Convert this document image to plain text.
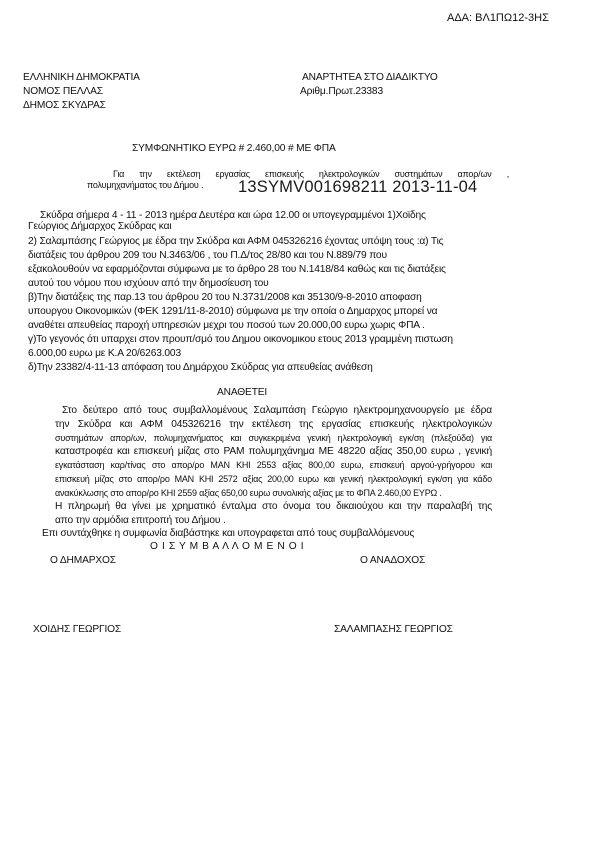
ΑΔΑ: ΒΛ1ΠΩ12-3ΗΣ
ΕΛΛΗΝΙΚΗ ΔΗΜΟΚΡΑΤΙΑ
ΝΟΜΟΣ ΠΕΛΛΑΣ
ΔΗΜΟΣ ΣΚΥΔΡΑΣ
ΑΝΑΡΤΗΤΕΑ ΣΤΟ ΔΙΑΔΙΚΤΥΟ
Αριθμ.Πρωτ.23383
ΣΥΜΦΩΝΗΤΙΚΟ ΕΥΡΩ # 2.460,00 # ΜΕ ΦΠΑ
Για την εκτέλεση εργασίας επισκευής ηλεκτρολογικών συστημάτων απορ/ων ,
πολυμηχανήματος του Δήμου . 13SYMV001698211 2013-11-04
Σκύδρα σήμερα 4 - 11 - 2013 ημέρα Δευτέρα και ώρα 12.00 οι υπογεγραμμένοι 1)Χοϊδης
Γεώργιος Δήμαρχος Σκύδρας και
2) Σαλαμπάσης Γεώργιος με έδρα την Σκύδρα και ΑΦΜ 045326216 έχοντας υπόψη τους :α) Τις
διατάξεις του άρθρου 209 του Ν.3463/06 , του Π.Δ/τος 28/80 και του Ν.889/79 που
εξακολουθούν να εφαρμόζονται σύμφωνα με το άρθρο 28 του Ν.1418/84 καθώς και τις διατάξεις
αυτού του νόμου που ισχύουν από την δημοσίευση του
β)Την διατάξεις της παρ.13 του άρθρου 20 του Ν.3731/2008 και 35130/9-8-2010 αποφαση
υπουργου Οικονομικών (ΦΕΚ 1291/11-8-2010) σύμφωνα με την οποία ο Δημαρχος μπορεί να
αναθέτει απευθείας παροχή υπηρεσιών μεχρι του ποσού των 20.000,00 ευρω χωρις ΦΠΑ .
γ)Το γεγονός ότι υπαρχει στον προυπ/σμό του Δημου οικονομικου ετους 2013 γραμμένη πιστωση
6.000,00 ευρω με Κ.Α 20/6263.003
δ)Την 23382/4-11-13 απόφαση του Δημάρχου Σκύδρας για απευθείας ανάθεση
ΑΝΑΘΕΤΕΙ
Στο δεύτερο από τους συμβαλλομένους Σαλαμπάση Γεώργιο ηλεκτρομηχανουργείο με έδρα
την Σκύδρα και ΑΦΜ 045326216 την εκτέλεση της εργασίας επισκευής ηλεκτρολογικών
συστημάτων απορ/ων, πολυμηχανήματος και συγκεκριμένα γενική ηλεκτρολογική εγκ/ση (πλεξούδα) για
καταστροφέα και επισκευή μίζας στο ΡΑΜ πολυμηχάνημα ΜΕ 48220 αξίας 350,00 ευρω , γενική
εγκατάσταση καρ/τίνας στο απορ/ρο ΜΑΝ ΚΗΙ 2553 αξίας 800,00 ευρω, επισκευή αργού-γρήγορου και
επισκευή μίζας στο απορ/ρο ΜΑΝ ΚΗΙ 2572 αξίας 200,00 ευρω και γενική ηλεκτρολογική εγκ/ση για κάδο
ανακύκλωσης στο απορ/ρο ΚΗΙ 2559 αξίας 650,00 ευρω συνολικής αξίας με το ΦΠΑ 2.460,00 ΕΥΡΩ .
Η πληρωμή θα γίνει με χρηματικό ένταλμα στο όνομα του δικαιούχου και την παραλαβή της
απο την αρμόδια επιτροπή του Δήμου .
Επι συντάχθηκε η συμφωνία διαβάστηκε και υπογραφεται από τους συμβαλλόμενους
Ο Ι Σ Υ Μ Β Α Λ Λ Ο Μ Ε Ν Ο Ι
Ο ΔΗΜΑΡΧΟΣ	Ο ΑΝΑΔΟΧΟΣ
ΧΟΙΔΗΣ ΓΕΩΡΓΙΟΣ	ΣΑΛΑΜΠΑΣΗΣ ΓΕΩΡΓΙΟΣ
